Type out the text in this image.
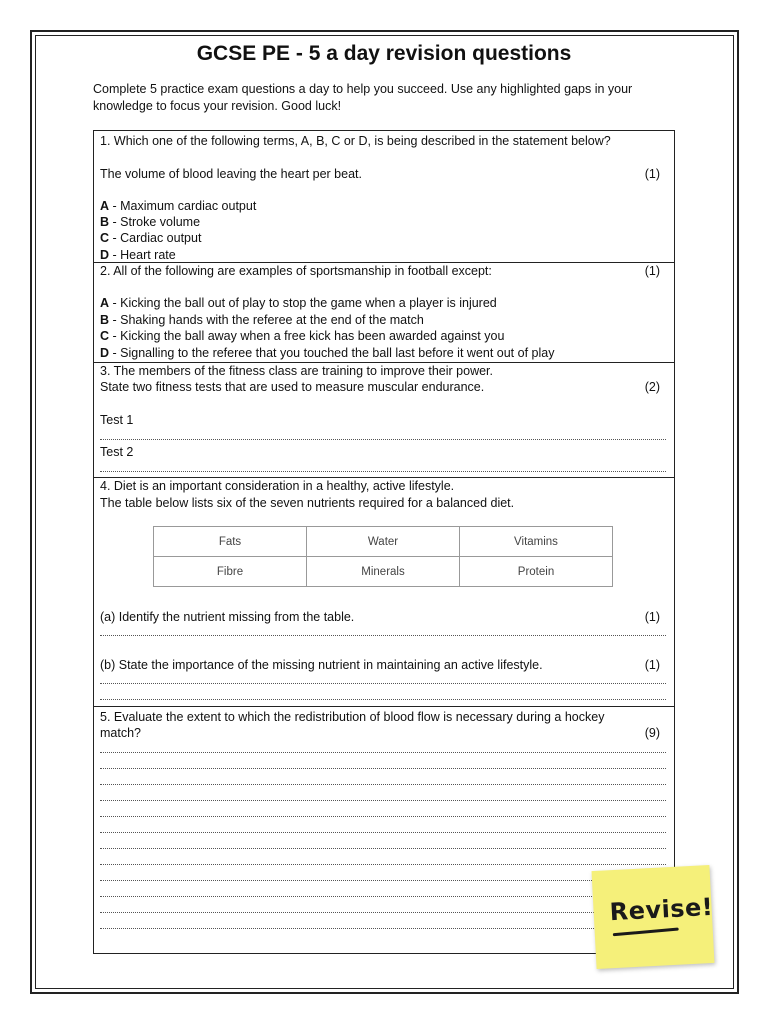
GCSE PE - 5 a day revision questions
Complete 5 practice exam questions a day to help you succeed. Use any highlighted gaps in your knowledge to focus your revision. Good luck!
1. Which one of the following terms, A, B, C or D, is being described in the statement below?
The volume of blood leaving the heart per beat.	(1)
A - Maximum cardiac output
B - Stroke volume
C - Cardiac output
D - Heart rate
2. All of the following are examples of sportsmanship in football except:	(1)
A - Kicking the ball out of play to stop the game when a player is injured
B - Shaking hands with the referee at the end of the match
C - Kicking the ball away when a free kick has been awarded against you
D - Signalling to the referee that you touched the ball last before it went out of play
3. The members of the fitness class are training to improve their power.
State two fitness tests that are used to measure muscular endurance.	(2)
Test 1
Test 2
4. Diet is an important consideration in a healthy, active lifestyle.
The table below lists six of the seven nutrients required for a balanced diet.
Fats	Water	Vitamins
Fibre	Minerals	Protein
(a) Identify the nutrient missing from the table.	(1)
(b) State the importance of the missing nutrient in maintaining an active lifestyle.	(1)
5. Evaluate the extent to which the redistribution of blood flow is necessary during a hockey
match?	(9)
Revise!
